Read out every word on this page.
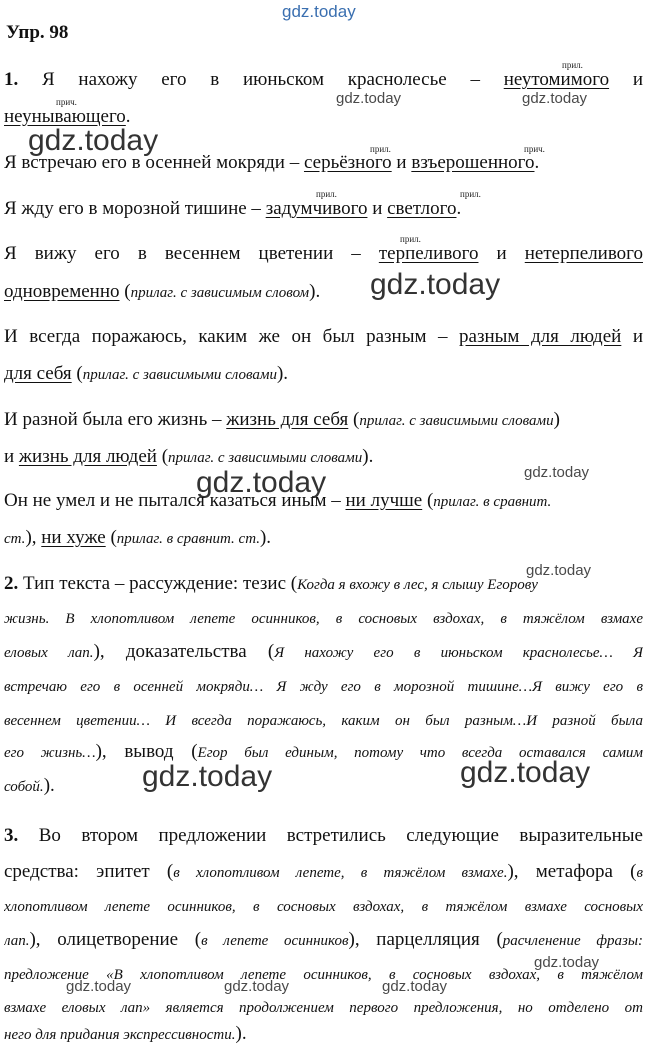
gdz.today
gdz.today	gdz.today
gdz.today
gdz.today
gdz.today	gdz.today
gdz.today
gdz.today	gdz.today
gdz.today
gdz.today	gdz.today	gdz.today
Упр. 98
прил.
прич.
прил.	прич.
прил.	прил.
прил.
1. Я нахожу его в июньском краснолесье – неутомимого и
неунывающего.
Я встречаю его в осенней мокряди – серьёзного и взъерошенного.
Я жду его в морозной тишине – задумчивого и светлого.
Я вижу его в весеннем цветении – терпеливого и нетерпеливого
одновременно (прилаг. с зависимым словом).
И всегда поражаюсь, каким же он был разным – разным для людей и
для себя (прилаг. с зависимыми словами).
И разной была его жизнь – жизнь для себя (прилаг. с зависимыми словами)
и жизнь для людей (прилаг. с зависимыми словами).
Он не умел и не пытался казаться иным – ни лучше (прилаг. в сравнит.
ст.), ни хуже (прилаг. в сравнит. ст.).
2. Тип текста – рассуждение: тезис (Когда я вхожу в лес, я слышу Егорову
жизнь. В хлопотливом лепете осинников, в сосновых вздохах, в тяжёлом взмахе
еловых лап.), доказательства (Я нахожу его в июньском краснолесье… Я
встречаю его в осенней мокряди… Я жду его в морозной тишине…Я вижу его в
весеннем цветении… И всегда поражаюсь, каким он был разным…И разной была
его жизнь…), вывод (Егор был единым, потому что всегда оставался самим
собой.).
3. Во втором предложении встретились следующие выразительные
средства: эпитет (в хлопотливом лепете, в тяжёлом взмахе.), метафора (в
хлопотливом лепете осинников, в сосновых вздохах, в тяжёлом взмахе сосновых
лап.), олицетворение (в лепете осинников), парцелляция (расчленение фразы:
предложение «В хлопотливом лепете осинников, в сосновых вздохах, в тяжёлом
взмахе еловых лап» является продолжением первого предложения, но отделено от
него для придания экспрессивности.).
